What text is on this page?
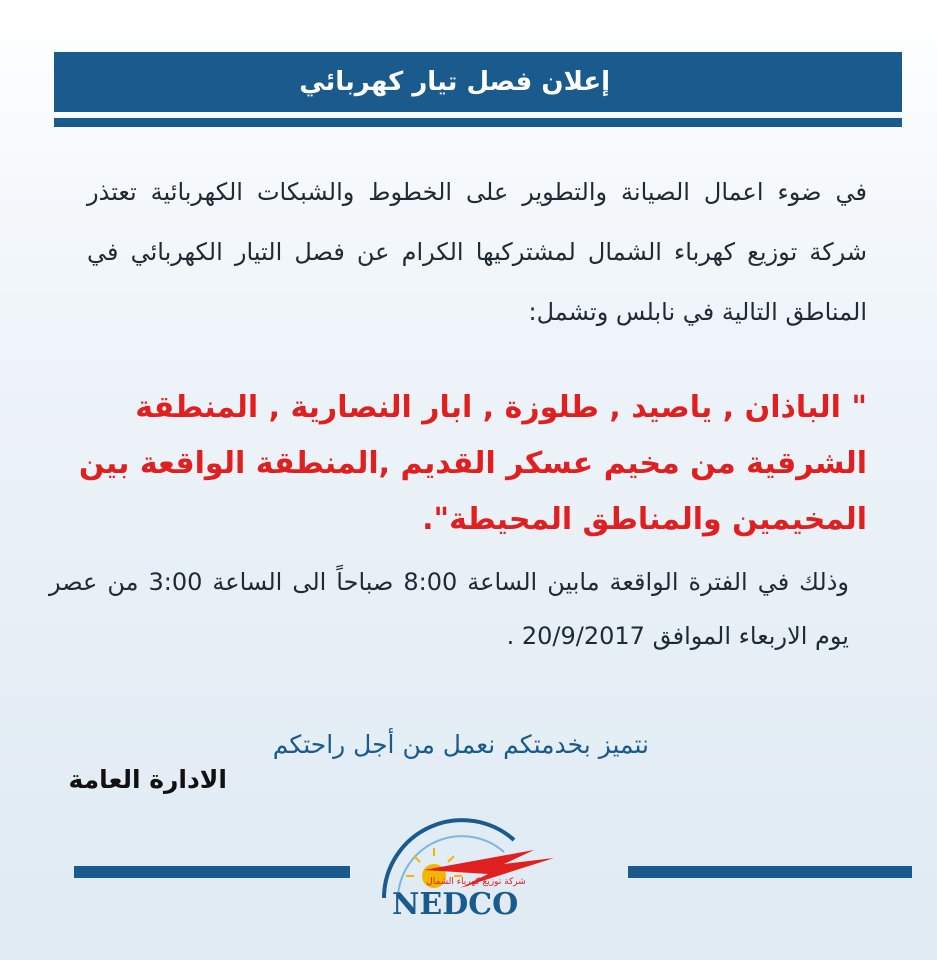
إعلان فصل تيار كهربائي
في ضوء اعمال الصيانة والتطوير على الخطوط والشبكات الكهربائية تعتذر شركة توزيع كهرباء الشمال لمشتركيها الكرام عن فصل التيار الكهربائي في المناطق التالية في نابلس وتشمل:
" الباذان , ياصيد , طلوزة , ابار النصارية , المنطقة الشرقية من مخيم عسكر القديم ,المنطقة الواقعة بين المخيمين والمناطق المحيطة".
وذلك في الفترة الواقعة مابين الساعة 8:00 صباحاً الى الساعة 3:00 من عصر يوم الاربعاء الموافق 20/9/2017 .
نتميز بخدمتكم نعمل من أجل راحتكم
الادارة العامة
شركة توزيع كهرباء الشمال
NEDCO
